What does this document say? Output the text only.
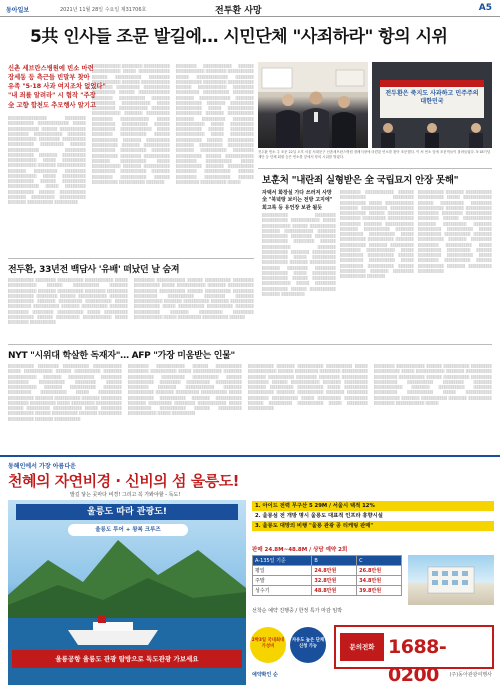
동아일보	2021년 11월 28일 수요일 제31706호	전투환 사망	A5
5共 인사들 조문 발길에… 시민단체 "사죄하라" 항의 시위
신촌 세브란스병원에 빈소 마련
장세동 등 측근들 빈말부 찾아
유족 "5·18 사과 여지조차 없었다"
"내 죄를 알려라" 시 혐작 "주장
全 고향 합천도 추모행사 알기고
░░░░░░░░░░░░░░░ ░░░░░░░░ ░░░░░░░░░░ ░░░░░░░░░░░░ ░░░░░ ░░░░░░░░░░░░ ░░░░░░ ░░░░░░░░░░ ░░░░░░░░ ░░░░░░░░░░░ ░░░░░░░ ░░░░░░░░░░░ ░░░░░░░░ ░░░░░░░░░ ░░░░░░░░░░ ░░░░░░░░░ ░░░░░░ ░░░░░░░░░░░░ ░░░░░░░░ ░░░░░░░░░░ ░░░░░░░ ░░░░░░░░░ ░░░░░░░░░░░ ░░░░░ ░░░░░░░░░ ░░░░░░░░░░░ ░░░░░░░ ░░░░░░░░░░░ ░░░░░░░ ░░░░░░░░░ ░░░░░░░░ ░░░░░░░░░░░ ░░░░░ ░░░░░░░░░ ░░░░░░░░░░ ░░░░░░ ░░░░░░░░░ ░░░░░░░░░░░░ ░░░░░ ░░░░░░░░ ░░░░░░░░░░ ░░░░░░ ░░░░░░░░░░ ░░░░░░░ ░░░░░░░░░ ░░░░░░░░░░ ░░░░░░░ ░░░░░░░░░░ ░░░░░░░░░
░░░░░░░░░░░ ░░░░░░░░ ░░░░░░░░░░ ░░░░░░░░░░░ ░░░░░ ░░░░░░░░░░░░ ░░░░░░ ░░░░░░░░░░ ░░░░░░░░ ░░░░░░░░░░░ ░░░░░░░ ░░░░░░░░░░░ ░░░░░░░░ ░░░░░░░░░ ░░░░░░░░░░ ░░░░░░░░░ ░░░░░░ ░░░░░░░░░░░░ ░░░░░░░░ ░░░░░░░░░░ ░░░░░░░ ░░░░░░░░░ ░░░░░░░░░░░ ░░░░░ ░░░░░░░░░ ░░░░░░░░░░░ ░░░░░░░ ░░░░░░░░░░░ ░░░░░░░ ░░░░░░░░░ ░░░░░░░░ ░░░░░░░░░░░ ░░░░░ ░░░░░░░░░ ░░░░░░░░░░ ░░░░░░ ░░░░░░░░░ ░░░░░░░░░░░░ ░░░░░ ░░░░░░░░ ░░░░░░░░░░ ░░░░░░ ░░░░░░░░░░ ░░░░░░░ ░░░░░░░░░ ░░░░░░░░░░ ░░░░░░░ ░░░░░░░░░░ ░░░░░░░░░ ░░░░░░░░░░ ░░░░░░░ ░░░░░░░░░░ ░░░░░░░░ ░░░░░░░░░░ ░░░░░░░ ░░░░░░░░░░ ░░░░░ ░░░░░░░░░░░ ░░░░░░░ ░░░░░░░░░░ ░░░░░░░░░ ░░░░░░░░░░ ░░░░░░░ ░░░░░░░░ ░░░░░░░░░░ ░░░░░░ ░░░░░░░░░░ ░░░░░░░░░░ ░░░░░░░
░░░░░░░░ ░░░░░░░░░░░ ░░░░░░ ░░░░░░░░░░░ ░░░░░░░░ ░░░░░░░░░░ ░░░░░ ░░░░░░░░░░░░ ░░░░░░░ ░░░░░░░░░░ ░░░░░░░░░ ░░░░░░░░░░ ░░░░░░ ░░░░░░░░░░░ ░░░░░░░░ ░░░░░░░░░ ░░░░░░░░░░ ░░░░░░░░ ░░░░░░░ ░░░░░░░░░░░░ ░░░░░░░ ░░░░░░░░░░ ░░░░░░░ ░░░░░░░░░ ░░░░░░░░░░ ░░░░░ ░░░░░░░░░░ ░░░░░░░░░░ ░░░░░░░ ░░░░░░░░░░ ░░░░░░░ ░░░░░░░░░ ░░░░░░░░ ░░░░░░░░░░░ ░░░░░ ░░░░░░░░░ ░░░░░░░░░░ ░░░░░░ ░░░░░░░░░ ░░░░░░░░░░░ ░░░░░ ░░░░░░░░░ ░░░░░░░░░░ ░░░░░░ ░░░░░░░░░░ ░░░░░░░ ░░░░░░░░░ ░░░░░░░░░░ ░░░░░░░ ░░░░░░░░░░ ░░░░░░░░ ░░░░░░░░░░ ░░░░░░ ░░░░░░░░░░░ ░░░░░░░░ ░░░░░░░░░░ ░░░░░ ░░░░░░░░░░ ░░░░░░░ ░░░░░░░░░░ ░░░░░░░░ ░░░░░░░░░░ ░░░░░░ ░░░░░░░░ ░░░░░░░░░░ ░░░░░░ ░░░░░░░░░ ░░░░░░░░░░ ░░░░░
전두환은 죽지도 사과하고 민주주의 대한민국
전두환 빈소 주 조문 22일 오후 서울 서대문구 신촌세브란스병원 장례식장에 마련된 빈소를 찾아 조문했다. 이 씨 빈소 앞에 조문객들이 몰려들었다. 5·18기념재단 등 단체 회원 등은 빈소를 앞에서 항의 시위를 벌였다.
보훈처 "내란죄 실형받은 全 국립묘지 안장 못해"
자택서 화장실 가다 쓰러져 사망
全 "북녘땅 보이는 전방 고지에"
회고록 등 유언장 보관 될듯
░░░░░░░░░░ ░░░░░░░░ ░░░░░░░░░░ ░░░░░░░░░░░ ░░░░░ ░░░░░░░░░░░ ░░░░░░ ░░░░░░░░░░ ░░░░░░░ ░░░░░░░░░░░ ░░░░░░░ ░░░░░░░░░░ ░░░░░░░░ ░░░░░░░░ ░░░░░░░░░░ ░░░░░░░░ ░░░░░░ ░░░░░░░░░░░ ░░░░░░░ ░░░░░░░░░░ ░░░░░░░ ░░░░░░░░░ ░░░░░░░░░░ ░░░░░ ░░░░░░░░░ ░░░░░░░░░░ ░░░░░░░ ░░░░░░░░░░ ░░░░░░░ ░░░░░░░░ ░░░░░░░░ ░░░░░░░░░░ ░░░░░ ░░░░░░░░░ ░░░░░░░░░░ ░░░░░░ ░░░░░░░░░ ░░░░░░░░░░░ ░░░░░ ░░░░░░░░ ░░░░░░░░░░ ░░░░░░ ░░░░░░░░░░ ░░░░░░░ ░░░░░░░░░
░░░░░░░░ ░░░░░░░░░░░ ░░░░░░ ░░░░░░░░░░ ░░░░░░░░ ░░░░░░░░░░ ░░░░░ ░░░░░░░░░░░ ░░░░░░░ ░░░░░░░░░░ ░░░░░░░░░ ░░░░░░░░░░ ░░░░░░ ░░░░░░░░░░ ░░░░░░░░ ░░░░░░░░░ ░░░░░░░░░░ ░░░░░░░░ ░░░░░░░ ░░░░░░░░░░░ ░░░░░░░ ░░░░░░░░░░ ░░░░░░░ ░░░░░░░░░ ░░░░░░░░░░ ░░░░░ ░░░░░░░░░░ ░░░░░░░░░░ ░░░░░░░ ░░░░░░░░░░ ░░░░░░░ ░░░░░░░░░ ░░░░░░░░ ░░░░░░░░░░░ ░░░░░ ░░░░░░░░░ ░░░░░░░░░░ ░░░░░░ ░░░░░░░░░ ░░░░░░░░░░ ░░░░░ ░░░░░░░░░ ░░░░░░░░░░ ░░░░░░ ░░░░░░░░░░ ░░░░░░░ ░░░░░░░░ ░░░░░░░░░░ ░░░░░░░
░░░░░░░░░░ ░░░░░░░ ░░░░░░░░░░ ░░░░░░░░░░ ░░░░░ ░░░░░░░░░░░ ░░░░░░ ░░░░░░░░░ ░░░░░░░░ ░░░░░░░░░░ ░░░░░░░ ░░░░░░░░░░ ░░░░░░░░ ░░░░░░░░ ░░░░░░░░░░ ░░░░░░░░ ░░░░░░ ░░░░░░░░░░░ ░░░░░░░ ░░░░░░░░░ ░░░░░░░ ░░░░░░░░░ ░░░░░░░░░░ ░░░░░ ░░░░░░░░░ ░░░░░░░░░░ ░░░░░░░ ░░░░░░░░░░ ░░░░░░░ ░░░░░░░░ ░░░░░░░░ ░░░░░░░░░░ ░░░░░ ░░░░░░░░░ ░░░░░░░░░ ░░░░░░ ░░░░░░░░░ ░░░░░░░░░░ ░░░░░ ░░░░░░░░ ░░░░░░░░░░ ░░░░░░ ░░░░░░░░░░ ░░░░░░░ ░░░░░░░░░ ░░░░░░░░░░
전두환, 33년전 백담사 '유배' 떠났던 날 숨져
░░░░░░░░░░ ░░░░░░░░ ░░░░░░░░░░ ░░░░░░░░░░░ ░░░░░ ░░░░░░░░░░░ ░░░░░░ ░░░░░░░░░░ ░░░░░░░ ░░░░░░░░░░░ ░░░░░░░ ░░░░░░░░░░ ░░░░░░░░ ░░░░░░░░ ░░░░░░░░░░ ░░░░░░░░ ░░░░░░ ░░░░░░░░░░░ ░░░░░░░ ░░░░░░░░░░ ░░░░░░░ ░░░░░░░░░ ░░░░░░░░░░ ░░░░░ ░░░░░░░░░ ░░░░░░░░░░ ░░░░░░░ ░░░░░░░░░░ ░░░░░░░ ░░░░░░░░ ░░░░░░░░ ░░░░░░░░░░ ░░░░░ ░░░░░░░░░ ░░░░░░░░░░ ░░░░░░ ░░░░░░░░░ ░░░░░░░░░░░ ░░░░░ ░░░░░░░░ ░░░░░░░░░░
░░░░░░░░ ░░░░░░░░░░░ ░░░░░░ ░░░░░░░░░░ ░░░░░░░░ ░░░░░░░░░░ ░░░░░ ░░░░░░░░░░░ ░░░░░░░ ░░░░░░░░░░ ░░░░░░░░░ ░░░░░░░░░░ ░░░░░░ ░░░░░░░░░░ ░░░░░░░░ ░░░░░░░░░ ░░░░░░░░░░ ░░░░░░░░ ░░░░░░░ ░░░░░░░░░░░ ░░░░░░░ ░░░░░░░░░░ ░░░░░░░ ░░░░░░░░░ ░░░░░░░░░░ ░░░░░ ░░░░░░░░░░ ░░░░░░░░░░ ░░░░░░░ ░░░░░░░░░░ ░░░░░░░ ░░░░░░░░░ ░░░░░░░░ ░░░░░░░░░░░ ░░░░░ ░░░░░░░░░ ░░░░░░░░░░ ░░░░░░
NYT "시위대 학살한 독재자"… AFP "가장 미움받는 인물"
░░░░░░░░░░ ░░░░░░░░ ░░░░░░░░░░ ░░░░░░░░░░░ ░░░░░ ░░░░░░░░░░░ ░░░░░░ ░░░░░░░░░░ ░░░░░░░ ░░░░░░░░░░░ ░░░░░░░ ░░░░░░░░░░ ░░░░░░░░ ░░░░░░░░ ░░░░░░░░░░ ░░░░░░░░ ░░░░░░ ░░░░░░░░░░░ ░░░░░░░ ░░░░░░░░░░ ░░░░░░░ ░░░░░░░░░ ░░░░░░░░░░ ░░░░░ ░░░░░░░░░ ░░░░░░░░░░ ░░░░░░░ ░░░░░░░░░░ ░░░░░░░ ░░░░░░░░ ░░░░░░░░ ░░░░░░░░░░ ░░░░░ ░░░░░░░░░ ░░░░░░░░░░ ░░░░░░ ░░░░░░░░░ ░░░░░░░░░░░ ░░░░░ ░░░░░░░░ ░░░░░░░░░░ ░░░░░░ ░░░░░░░░░░ ░░░░░░░ ░░░░░░░░░ ░░░░░░░░░░ ░░░░░░░ ░░░░░░░░░░
░░░░░░░░ ░░░░░░░░░░░ ░░░░░░ ░░░░░░░░░░ ░░░░░░░░ ░░░░░░░░░░ ░░░░░ ░░░░░░░░░░░ ░░░░░░░ ░░░░░░░░░░ ░░░░░░░░░ ░░░░░░░░░░ ░░░░░░ ░░░░░░░░░░ ░░░░░░░░ ░░░░░░░░░ ░░░░░░░░░░ ░░░░░░░░ ░░░░░░░ ░░░░░░░░░░░ ░░░░░░░ ░░░░░░░░░░ ░░░░░░░ ░░░░░░░░░ ░░░░░░░░░░ ░░░░░ ░░░░░░░░░░ ░░░░░░░░░░ ░░░░░░░ ░░░░░░░░░░ ░░░░░░░ ░░░░░░░░░ ░░░░░░░░ ░░░░░░░░░░░ ░░░░░ ░░░░░░░░░ ░░░░░░░░░░ ░░░░░░ ░░░░░░░░░ ░░░░░░░░░░░ ░░░░░ ░░░░░░░░░
░░░░░░░░░░ ░░░░░░░ ░░░░░░░░░░ ░░░░░░░░░░ ░░░░░ ░░░░░░░░░░░ ░░░░░░ ░░░░░░░░░ ░░░░░░░░ ░░░░░░░░░░ ░░░░░░░ ░░░░░░░░░░ ░░░░░░░░ ░░░░░░░░ ░░░░░░░░░░ ░░░░░░░░ ░░░░░░ ░░░░░░░░░░░ ░░░░░░░ ░░░░░░░░░ ░░░░░░░ ░░░░░░░░░ ░░░░░░░░░░ ░░░░░ ░░░░░░░░░ ░░░░░░░░░░ ░░░░░░░ ░░░░░░░░░░ ░░░░░░░ ░░░░░░░░ ░░░░░░░░ ░░░░░░░░░░ ░░░░░ ░░░░░░░░░ ░░░░░░░░░ ░░░░░░ ░░░░░░░░░ ░░░░░░░░░░ ░░░░░ ░░░░░░░░ ░░░░░░░░░░
░░░░░░░░ ░░░░░░░░░░░ ░░░░░░ ░░░░░░░░░░ ░░░░░░░░ ░░░░░░░░░░ ░░░░░ ░░░░░░░░░░░ ░░░░░░░ ░░░░░░░░░░ ░░░░░░░░░ ░░░░░░░░░░ ░░░░░░ ░░░░░░░░░░ ░░░░░░░░ ░░░░░░░░░ ░░░░░░░░░░ ░░░░░░░░ ░░░░░░░ ░░░░░░░░░░░ ░░░░░░░ ░░░░░░░░░░ ░░░░░░░ ░░░░░░░░░ ░░░░░░░░░░ ░░░░░ ░░░░░░░░░░ ░░░░░░░░░░ ░░░░░░░ ░░░░░░░░░░ ░░░░░░░ ░░░░░░░░░ ░░░░░░░░ ░░░░░░░░░░░ ░░░░░
동해인에서 가장 아름다운
천혜의 자연비경 · 신비의 섬 울릉도!
발길 닿는 곳마다 비경! 그리고 꼭 가봐야할 - 독도!
울릉도 따라 관광도!
울릉공항 울릉도 관광 탐방으로 독도관광 가보세요
울릉도 투어 + 왕복 크루즈
2박3일 국내최대 가성비
자유도 높은 단체 신청 가능
1. 아이드 전력 무구산 5 29M / 서울시 택적 12%
2. 울릉섬 전 개방 명시 울릉도 대표적 인프라 휴향시설
3. 울릉도 대망의 비행 "울릉 관광 공 티케팅 판매"
판매 24.8M~48.8M / 상담 예약 2회
A-135일 기준	B	C
평일	24.8만원	26.8만원
주말	32.8만원	34.8만원
성수기	48.8만원	39.8만원
선착순 예약 진행중 / 한정 특가 마감 임박
문의전화 1688-0200	(주)동아관광여행사
예약확인 순
